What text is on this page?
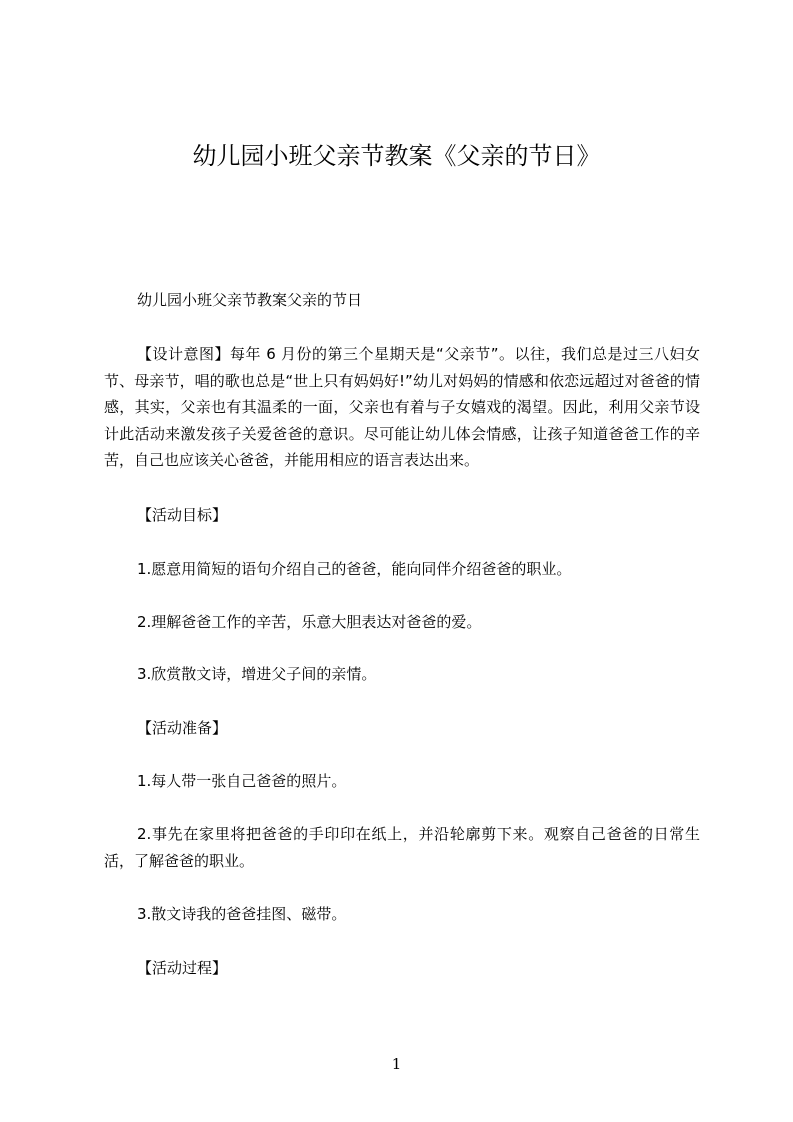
幼儿园小班父亲节教案《父亲的节日》

幼儿园小班父亲节教案父亲的节日

【设计意图】每年 6 月份的第三个星期天是“父亲节”。以往，我们总是过三八妇女节、母亲节，唱的歌也总是“世上只有妈妈好!”幼儿对妈妈的情感和依恋远超过对爸爸的情感，其实，父亲也有其温柔的一面，父亲也有着与子女嬉戏的渴望。因此，利用父亲节设计此活动来激发孩子关爱爸爸的意识。尽可能让幼儿体会情感，让孩子知道爸爸工作的辛苦，自己也应该关心爸爸，并能用相应的语言表达出来。

【活动目标】

1.愿意用简短的语句介绍自己的爸爸，能向同伴介绍爸爸的职业。

2.理解爸爸工作的辛苦，乐意大胆表达对爸爸的爱。

3.欣赏散文诗，增进父子间的亲情。

【活动准备】

1.每人带一张自己爸爸的照片。

2.事先在家里将把爸爸的手印印在纸上，并沿轮廓剪下来。观察自己爸爸的日常生活，了解爸爸的职业。

3.散文诗我的爸爸挂图、磁带。

【活动过程】

1
